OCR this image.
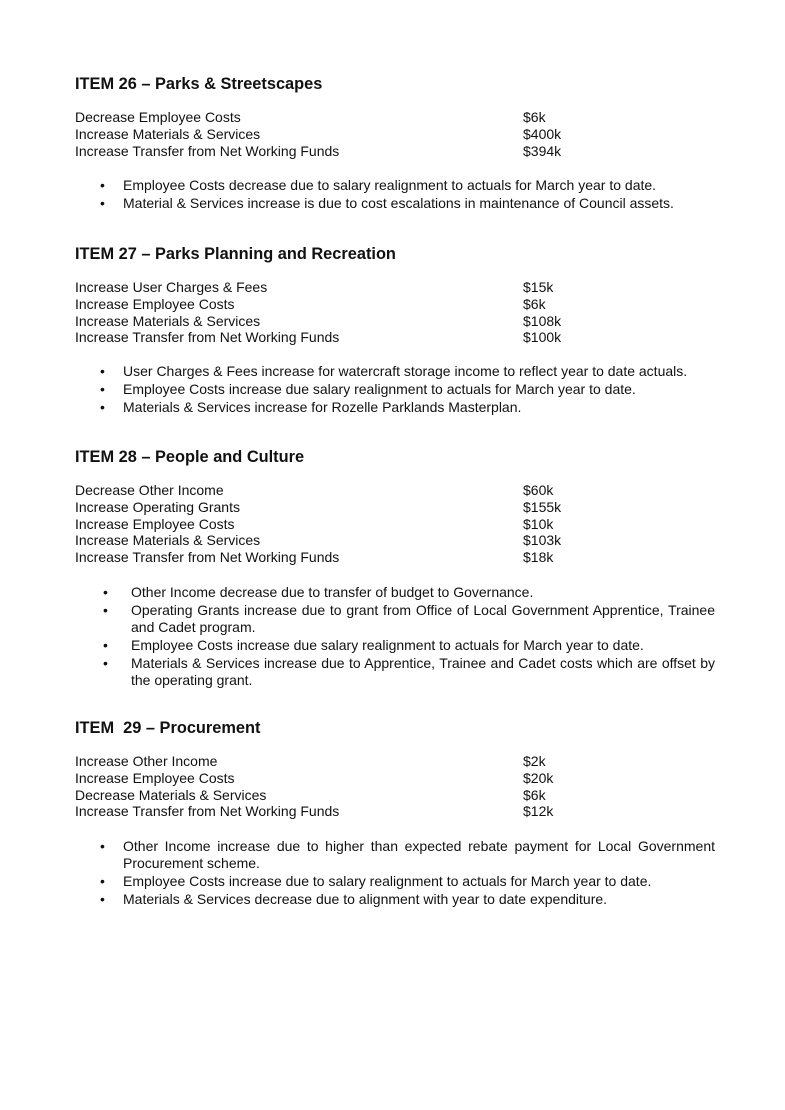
ITEM 26 – Parks & Streetscapes
Decrease Employee Costs	$6k
Increase Materials & Services	$400k
Increase Transfer from Net Working Funds	$394k
• Employee Costs decrease due to salary realignment to actuals for March year to date.
• Material & Services increase is due to cost escalations in maintenance of Council assets.
ITEM 27 – Parks Planning and Recreation
Increase User Charges & Fees	$15k
Increase Employee Costs	$6k
Increase Materials & Services	$108k
Increase Transfer from Net Working Funds	$100k
• User Charges & Fees increase for watercraft storage income to reflect year to date actuals.
• Employee Costs increase due salary realignment to actuals for March year to date.
• Materials & Services increase for Rozelle Parklands Masterplan.
ITEM 28 – People and Culture
Decrease Other Income	$60k
Increase Operating Grants	$155k
Increase Employee Costs	$10k
Increase Materials & Services	$103k
Increase Transfer from Net Working Funds	$18k
• Other Income decrease due to transfer of budget to Governance.
• Operating Grants increase due to grant from Office of Local Government Apprentice, Trainee and Cadet program.
• Employee Costs increase due salary realignment to actuals for March year to date.
• Materials & Services increase due to Apprentice, Trainee and Cadet costs which are offset by the operating grant.
ITEM  29 – Procurement
Increase Other Income	$2k
Increase Employee Costs	$20k
Decrease Materials & Services	$6k
Increase Transfer from Net Working Funds	$12k
• Other Income increase due to higher than expected rebate payment for Local Government Procurement scheme.
• Employee Costs increase due to salary realignment to actuals for March year to date.
• Materials & Services decrease due to alignment with year to date expenditure.
